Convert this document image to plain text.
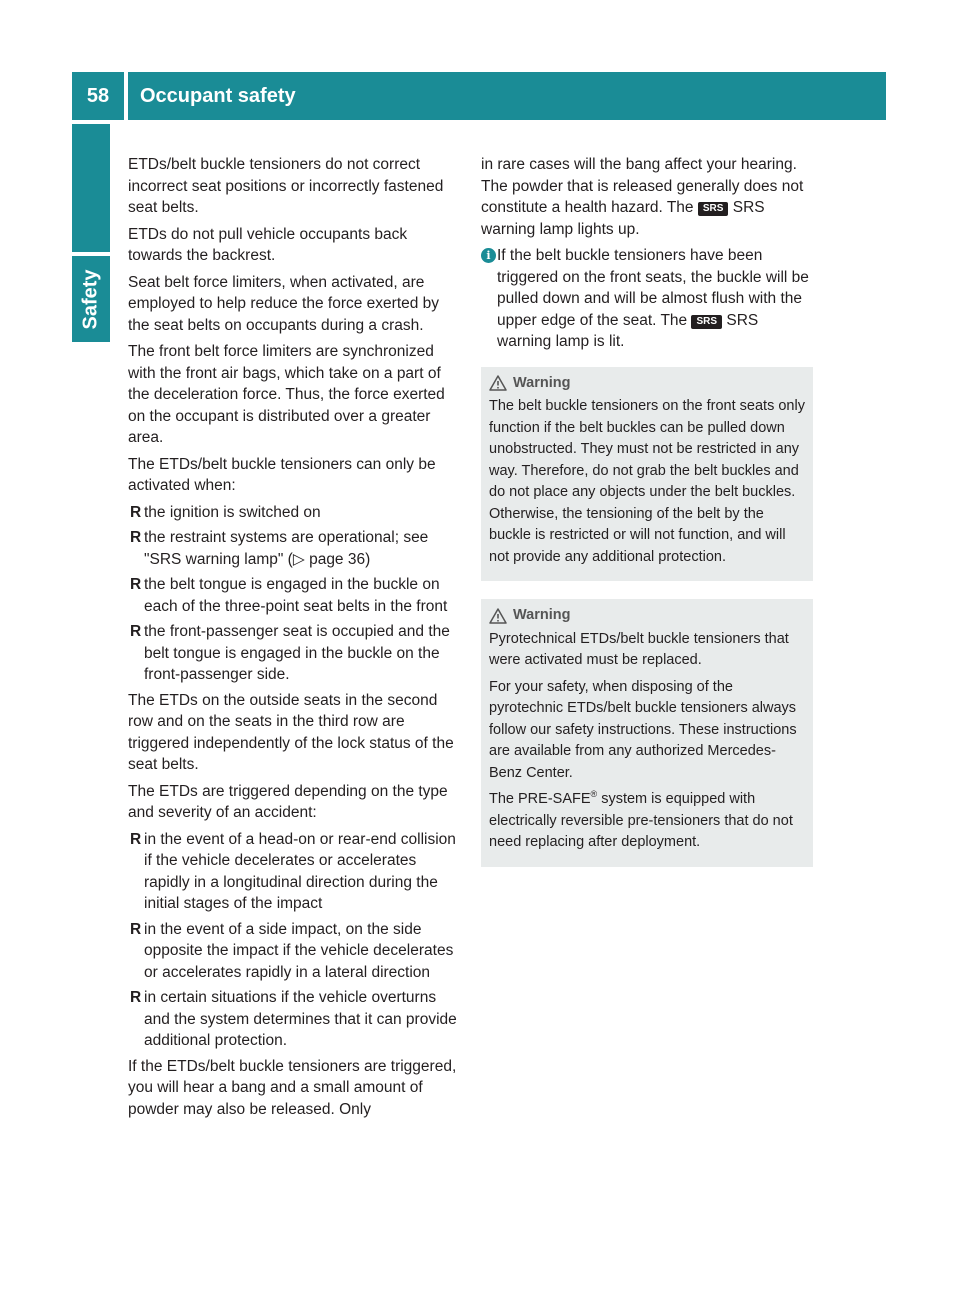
58	Occupant safety
Safety

ETDs/belt buckle tensioners do not correct incorrect seat positions or incorrectly fastened seat belts.

ETDs do not pull vehicle occupants back towards the backrest.

Seat belt force limiters, when activated, are employed to help reduce the force exerted by the seat belts on occupants during a crash.

The front belt force limiters are synchronized with the front air bags, which take on a part of the deceleration force. Thus, the force exerted on the occupant is distributed over a greater area.

The ETDs/belt buckle tensioners can only be activated when:

R the ignition is switched on
R the restraint systems are operational; see "SRS warning lamp" (▷ page 36)
R the belt tongue is engaged in the buckle on each of the three-point seat belts in the front
R the front-passenger seat is occupied and the belt tongue is engaged in the buckle on the front-passenger side.

The ETDs on the outside seats in the second row and on the seats in the third row are triggered independently of the lock status of the seat belts.

The ETDs are triggered depending on the type and severity of an accident:

R in the event of a head-on or rear-end collision if the vehicle decelerates or accelerates rapidly in a longitudinal direction during the initial stages of the impact
R in the event of a side impact, on the side opposite the impact if the vehicle decelerates or accelerates rapidly in a lateral direction
R in certain situations if the vehicle overturns and the system determines that it can provide additional protection.

If the ETDs/belt buckle tensioners are triggered, you will hear a bang and a small amount of powder may also be released. Only

in rare cases will the bang affect your hearing. The powder that is released generally does not constitute a health hazard. The SRS SRS warning lamp lights up.

i If the belt buckle tensioners have been triggered on the front seats, the buckle will be pulled down and will be almost flush with the upper edge of the seat. The SRS SRS warning lamp is lit.
Warning

The belt buckle tensioners on the front seats only function if the belt buckles can be pulled down unobstructed. They must not be restricted in any way. Therefore, do not grab the belt buckles and do not place any objects under the belt buckles. Otherwise, the tensioning of the belt by the buckle is restricted or will not function, and will not provide any additional protection.

Warning

Pyrotechnical ETDs/belt buckle tensioners that were activated must be replaced.

For your safety, when disposing of the pyrotechnic ETDs/belt buckle tensioners always follow our safety instructions. These instructions are available from any authorized Mercedes-Benz Center.

The PRE-SAFE® system is equipped with electrically reversible pre-tensioners that do not need replacing after deployment.
